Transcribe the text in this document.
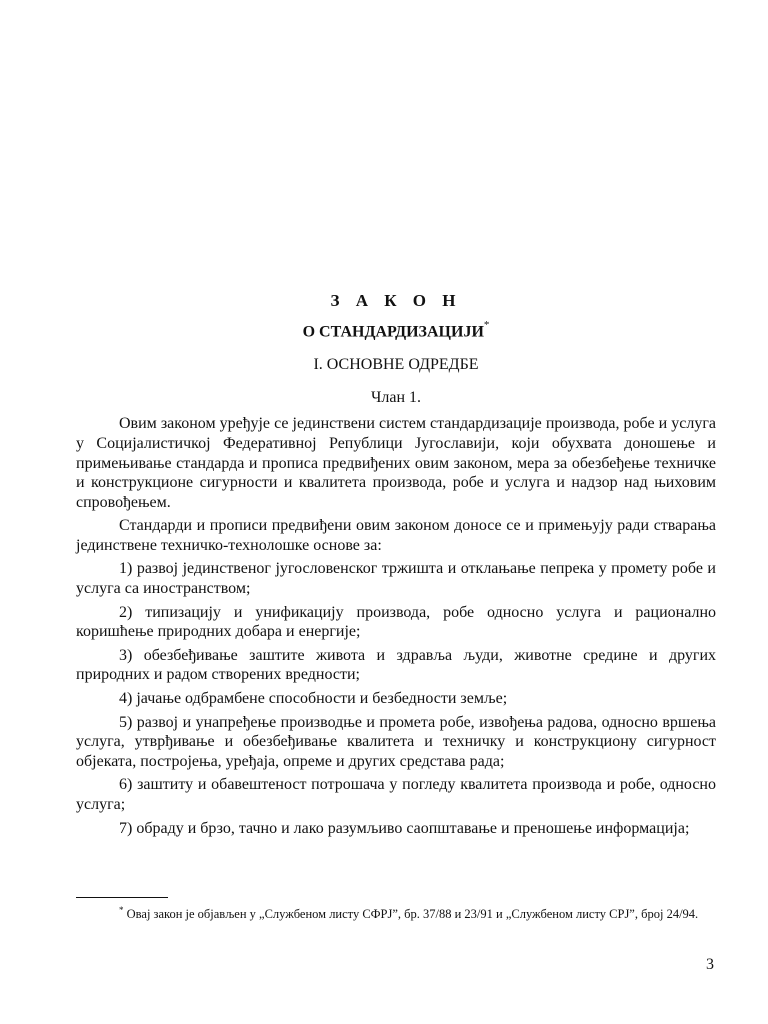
З А К О Н
О СТАНДАРДИЗАЦИЈИ*
I. ОСНОВНЕ ОДРЕДБЕ
Члан 1.

Овим законом уређује се јединствени систем стандардизације производа, робе и услуга у Социјалистичкој Федеративној Републици Југославији, који обухвата доношење и примењивање стандарда и прописа предвиђених овим законом, мера за обезбеђење техничке и конструкционе сигурности и квалитета производа, робе и услуга и надзор над њиховим спровођењем.

Стандарди и прописи предвиђени овим законом доносе се и примењују ради стварања јединствене техничко-технолошке основе за:

1) развој јединственог југословенског тржишта и отклањање пепрека у промету робе и услуга са иностранством;

2) типизацију и унификацију производа, робе односно услуга и рационално коришћење природних добара и енергије;

3) обезбеђивање заштите живота и здравља људи, животне средине и других природних и радом створених вредности;

4) јачање одбрамбене способности и безбедности земље;

5) развој и унапређење производње и промета робе, извођења радова, односно вршења услуга, утврђивање и обезбеђивање квалитета и техничку и конструкциону сигурност објеката, постројења, уређаја, опреме и других средстава рада;

6) заштиту и обавештеност потрошача у погледу квалитета производа и робе, односно услуга;

7) обраду и брзо, тачно и лако разумљиво саопштавање и преношење информација;

* Овај закон је објављен у „Службеном листу СФРЈ”, бр. 37/88 и 23/91 и „Службеном листу СРЈ”, број 24/94.

3
